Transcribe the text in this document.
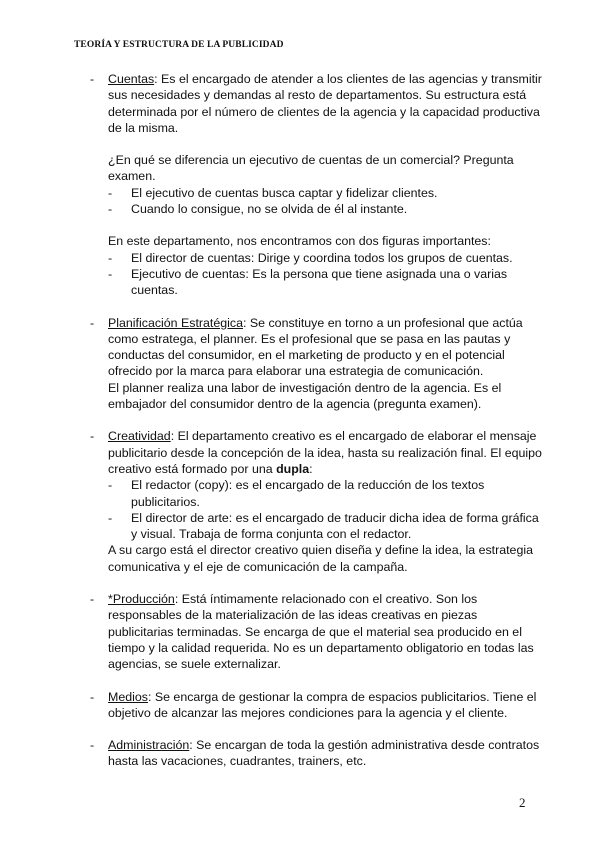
TEORÍA Y ESTRUCTURA DE LA PUBLICIDAD
- Cuentas: Es el encargado de atender a los clientes de las agencias y transmitir sus necesidades y demandas al resto de departamentos. Su estructura está determinada por el número de clientes de la agencia y la capacidad productiva de la misma.

¿En qué se diferencia un ejecutivo de cuentas de un comercial? Pregunta examen.

- El ejecutivo de cuentas busca captar y fidelizar clientes.
- Cuando lo consigue, no se olvida de él al instante.

En este departamento, nos encontramos con dos figuras importantes:

- El director de cuentas: Dirige y coordina todos los grupos de cuentas.
- Ejecutivo de cuentas: Es la persona que tiene asignada una o varias cuentas.
- Planificación Estratégica: Se constituye en torno a un profesional que actúa como estratega, el planner. Es el profesional que se pasa en las pautas y conductas del consumidor, en el marketing de producto y en el potencial ofrecido por la marca para elaborar una estrategia de comunicación.

El planner realiza una labor de investigación dentro de la agencia. Es el embajador del consumidor dentro de la agencia (pregunta examen).

- Creatividad: El departamento creativo es el encargado de elaborar el mensaje publicitario desde la concepción de la idea, hasta su realización final. El equipo creativo está formado por una dupla:

- El redactor (copy): es el encargado de la reducción de los textos publicitarios.
- El director de arte: es el encargado de traducir dicha idea de forma gráfica y visual. Trabaja de forma conjunta con el redactor.

A su cargo está el director creativo quien diseña y define la idea, la estrategia comunicativa y el eje de comunicación de la campaña.

- *Producción: Está íntimamente relacionado con el creativo. Son los responsables de la materialización de las ideas creativas en piezas publicitarias terminadas. Se encarga de que el material sea producido en el tiempo y la calidad requerida. No es un departamento obligatorio en todas las agencias, se suele externalizar.

- Medios: Se encarga de gestionar la compra de espacios publicitarios. Tiene el objetivo de alcanzar las mejores condiciones para la agencia y el cliente.

- Administración: Se encargan de toda la gestión administrativa desde contratos hasta las vacaciones, cuadrantes, trainers, etc.

2
